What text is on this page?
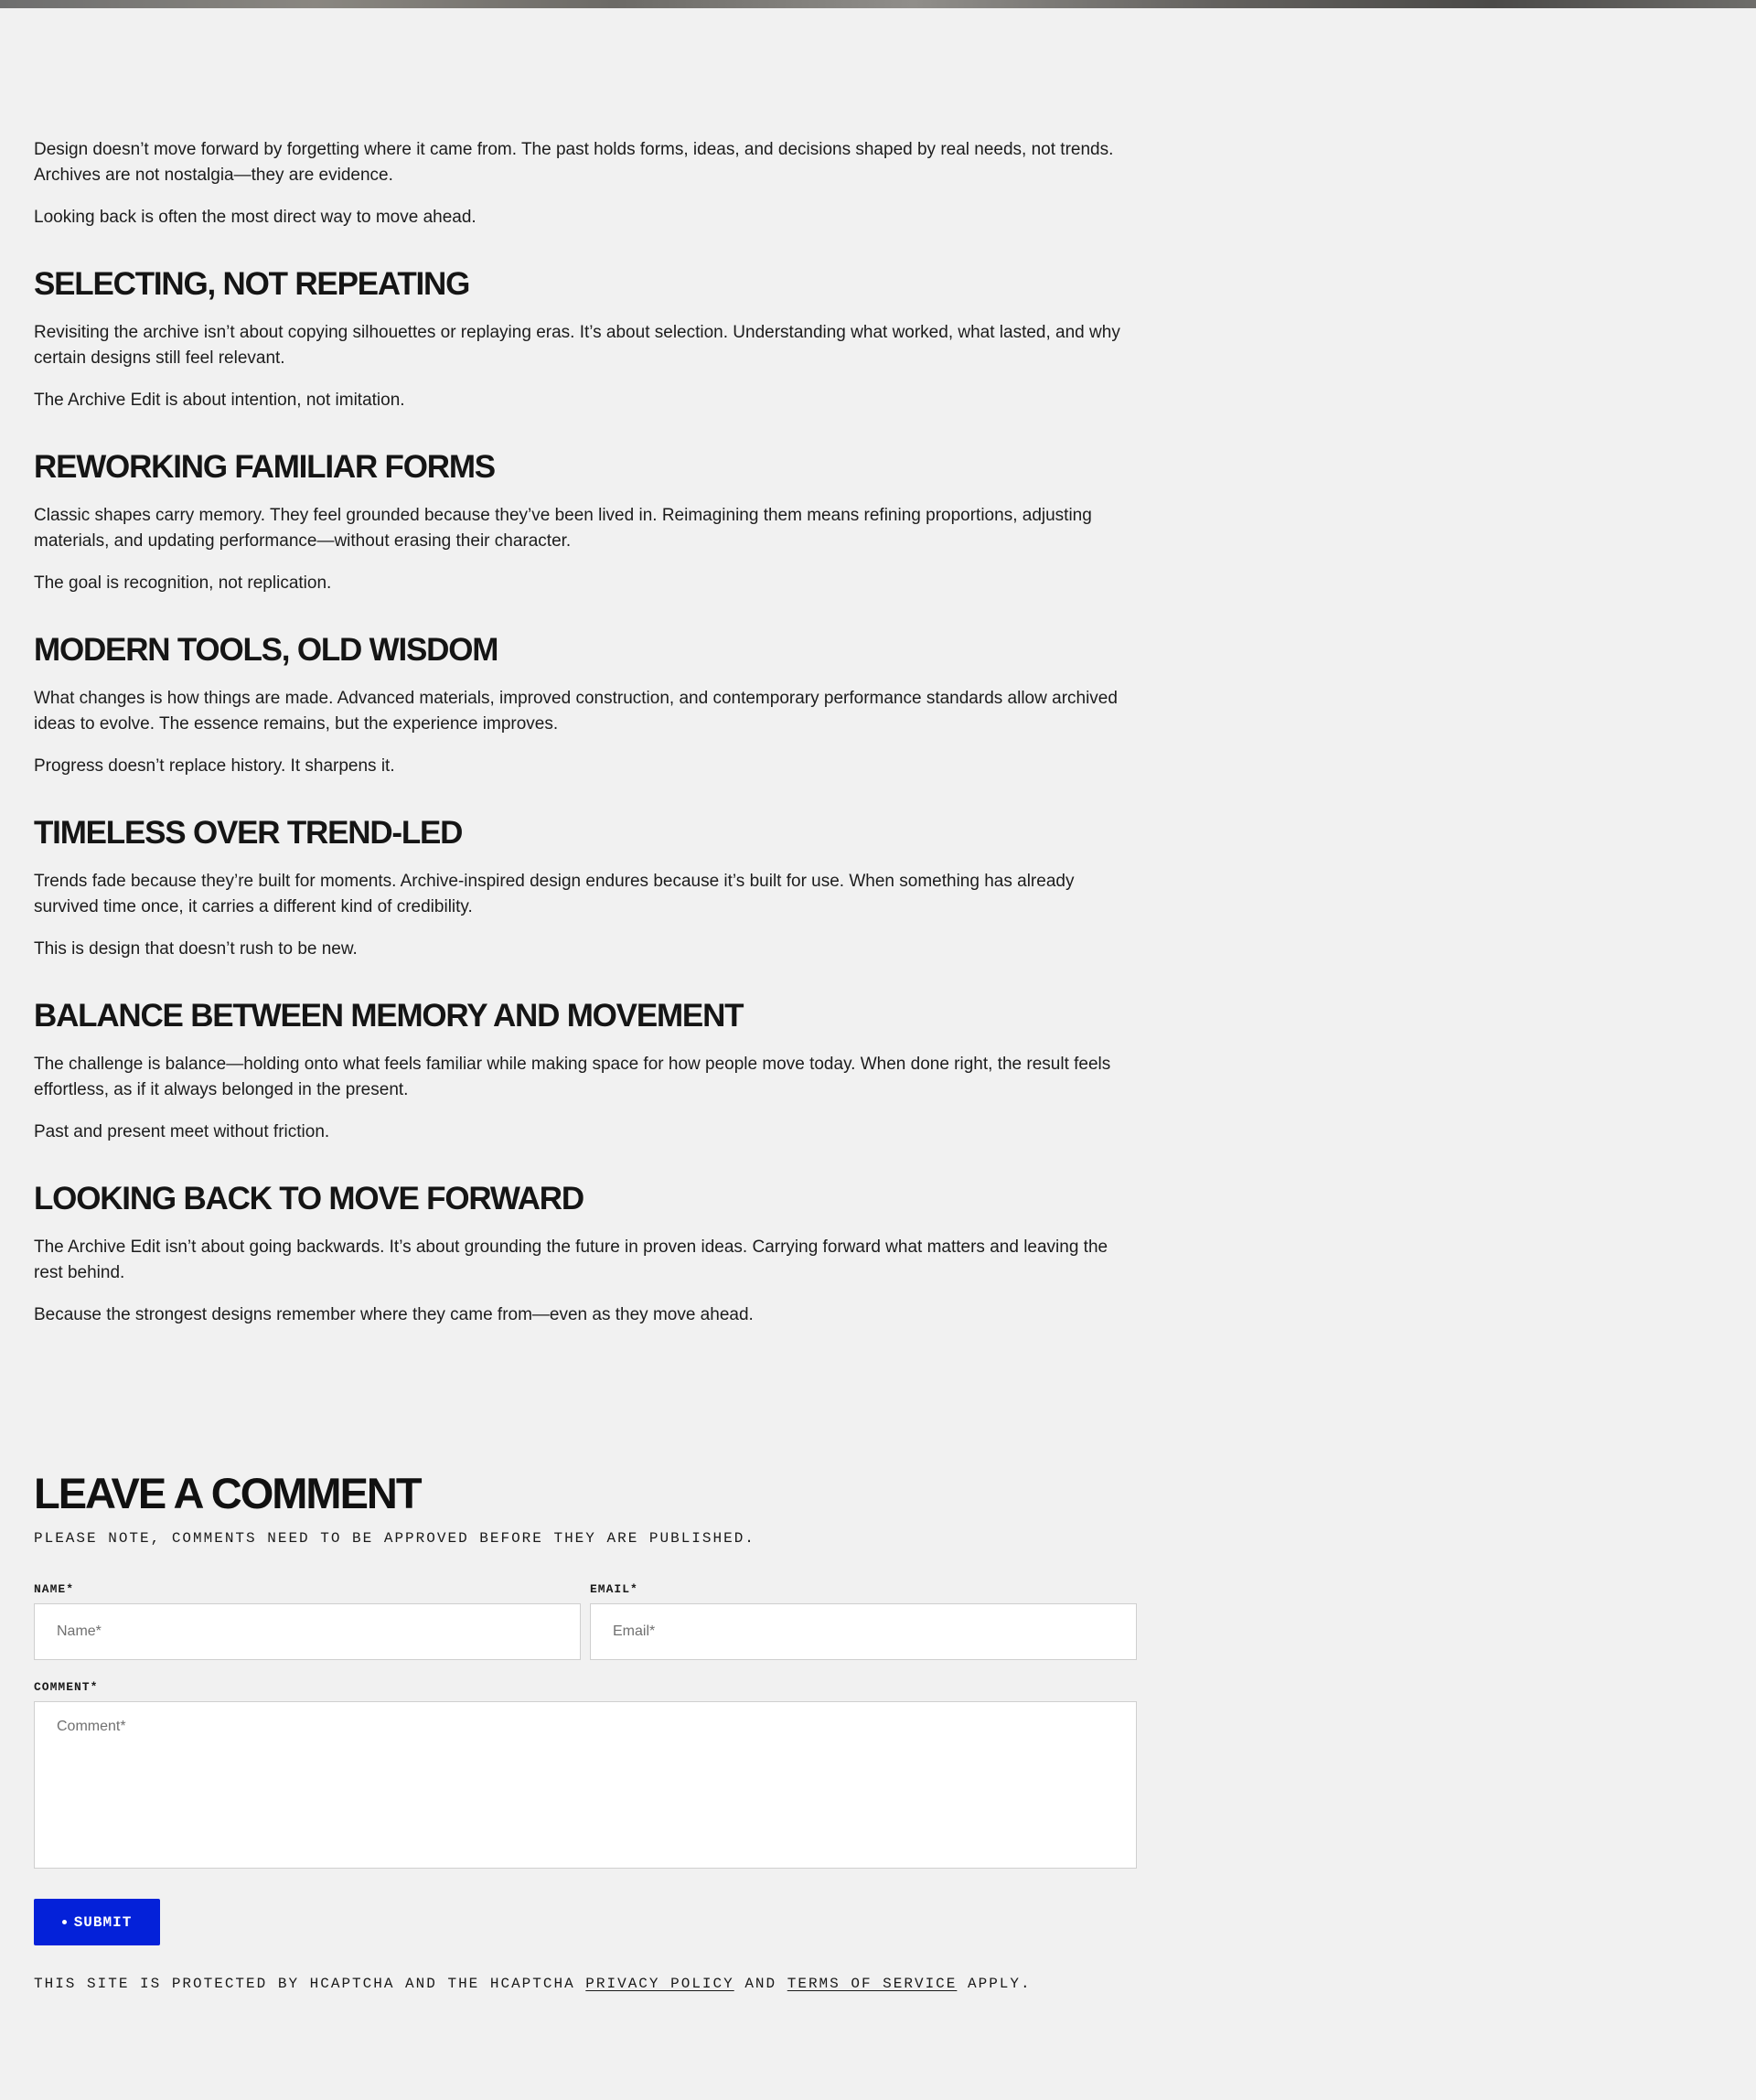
Design doesn’t move forward by forgetting where it came from. The past holds forms, ideas, and decisions shaped by real needs, not trends. Archives are not nostalgia—they are evidence.

Looking back is often the most direct way to move ahead.

SELECTING, NOT REPEATING

Revisiting the archive isn’t about copying silhouettes or replaying eras. It’s about selection. Understanding what worked, what lasted, and why certain designs still feel relevant.

The Archive Edit is about intention, not imitation.

REWORKING FAMILIAR FORMS

Classic shapes carry memory. They feel grounded because they’ve been lived in. Reimagining them means refining proportions, adjusting materials, and updating performance—without erasing their character.

The goal is recognition, not replication.

MODERN TOOLS, OLD WISDOM

What changes is how things are made. Advanced materials, improved construction, and contemporary performance standards allow archived ideas to evolve. The essence remains, but the experience improves.

Progress doesn’t replace history. It sharpens it.

TIMELESS OVER TREND-LED

Trends fade because they’re built for moments. Archive-inspired design endures because it’s built for use. When something has already survived time once, it carries a different kind of credibility.

This is design that doesn’t rush to be new.

BALANCE BETWEEN MEMORY AND MOVEMENT

The challenge is balance—holding onto what feels familiar while making space for how people move today. When done right, the result feels effortless, as if it always belonged in the present.

Past and present meet without friction.

LOOKING BACK TO MOVE FORWARD

The Archive Edit isn’t about going backwards. It’s about grounding the future in proven ideas. Carrying forward what matters and leaving the rest behind.

Because the strongest designs remember where they came from—even as they move ahead.

LEAVE A COMMENT
PLEASE NOTE, COMMENTS NEED TO BE APPROVED BEFORE THEY ARE PUBLISHED.
NAME*
Name*	EMAIL*
Email*
COMMENT*
Comment*
SUBMIT
THIS SITE IS PROTECTED BY HCAPTCHA AND THE HCAPTCHA PRIVACY POLICY AND TERMS OF SERVICE APPLY.
